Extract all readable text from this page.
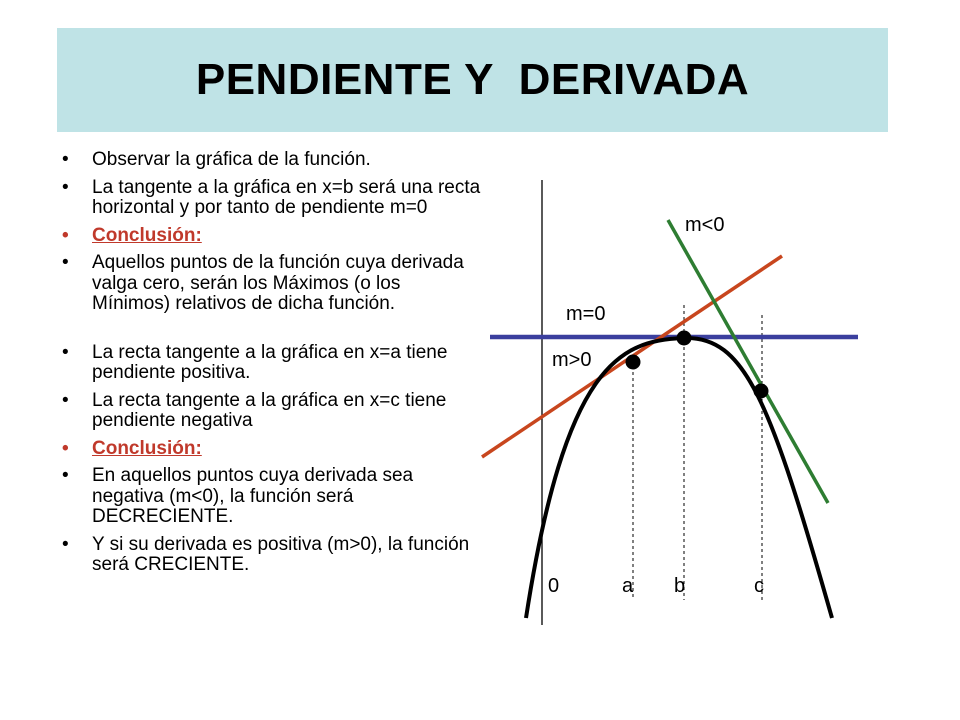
PENDIENTE Y  DERIVADA
• Observar la gráfica de la función.
• La tangente a la gráfica en x=b será una recta horizontal y por tanto de pendiente m=0
• Conclusión:
• Aquellos puntos de la función cuya derivada valga cero, serán los Máximos (o los Mínimos) relativos de dicha función.
• La recta tangente a la gráfica en x=a tiene pendiente positiva.
• La recta tangente a la gráfica en x=c tiene pendiente negativa
• Conclusión:
• En aquellos puntos cuya derivada sea negativa (m<0), la función será DECRECIENTE.
• Y si su derivada es positiva (m>0), la función será CRECIENTE.
m<0
m=0
m>0
0	a b	c
